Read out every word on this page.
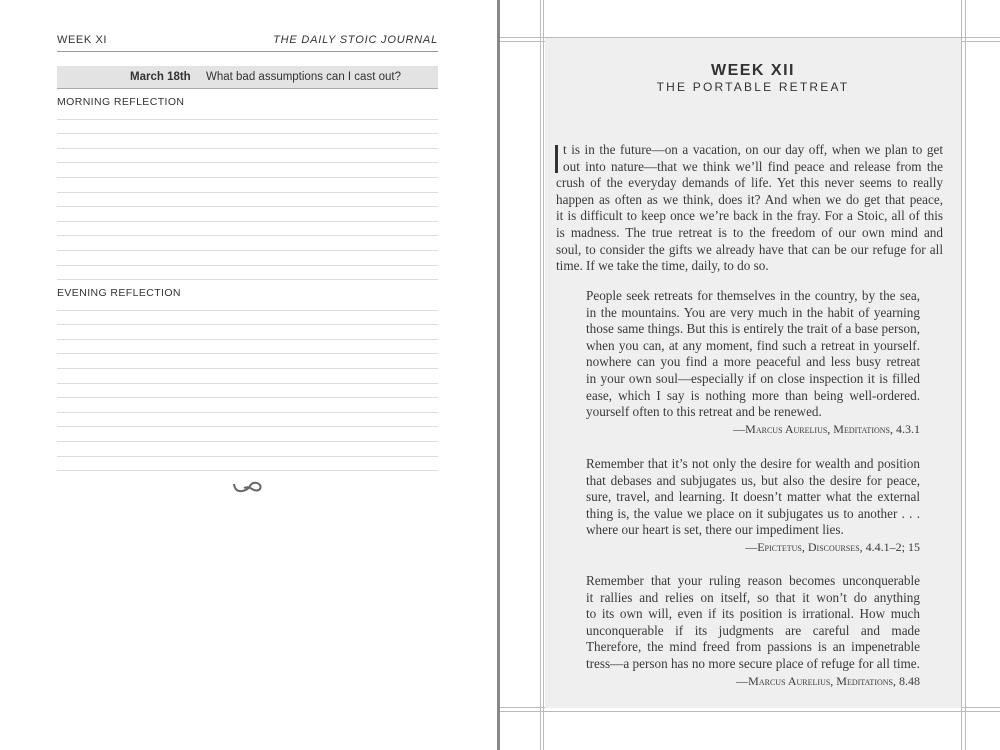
WEEK XI	THE DAILY STOIC JOURNAL
March 18th What bad assumptions can I cast out?
MORNING REFLECTION
EVENING REFLECTION
WEEK XII
THE PORTABLE RETREAT
t is in the future—on a vacation, on our day off, when we plan to get
out into nature—that we think we’ll find peace and release from the
crush of the everyday demands of life. Yet this never seems to really
happen as often as we think, does it? And when we do get that peace,
it is difficult to keep once we’re back in the fray. For a Stoic, all of this
is madness. The true retreat is to the freedom of our own mind and
soul, to consider the gifts we already have that can be our refuge for all
time. If we take the time, daily, to do so.
People seek retreats for themselves in the country, by the sea,
in the mountains. You are very much in the habit of yearning
those same things. But this is entirely the trait of a base person,
when you can, at any moment, find such a retreat in yourself.
nowhere can you find a more peaceful and less busy retreat
in your own soul—especially if on close inspection it is filled
ease, which I say is nothing more than being well-ordered.
yourself often to this retreat and be renewed.
—Marcus Aurelius, Meditations, 4.3.1
Remember that it’s not only the desire for wealth and position
that debases and subjugates us, but also the desire for peace,
sure, travel, and learning. It doesn’t matter what the external
thing is, the value we place on it subjugates us to another . . .
where our heart is set, there our impediment lies.
—Epictetus, Discourses, 4.4.1–2; 15
Remember that your ruling reason becomes unconquerable
it rallies and relies on itself, so that it won’t do anything
to its own will, even if its position is irrational. How much
unconquerable if its judgments are careful and made
Therefore, the mind freed from passions is an impenetrable
tress—a person has no more secure place of refuge for all time.
—Marcus Aurelius, Meditations, 8.48
